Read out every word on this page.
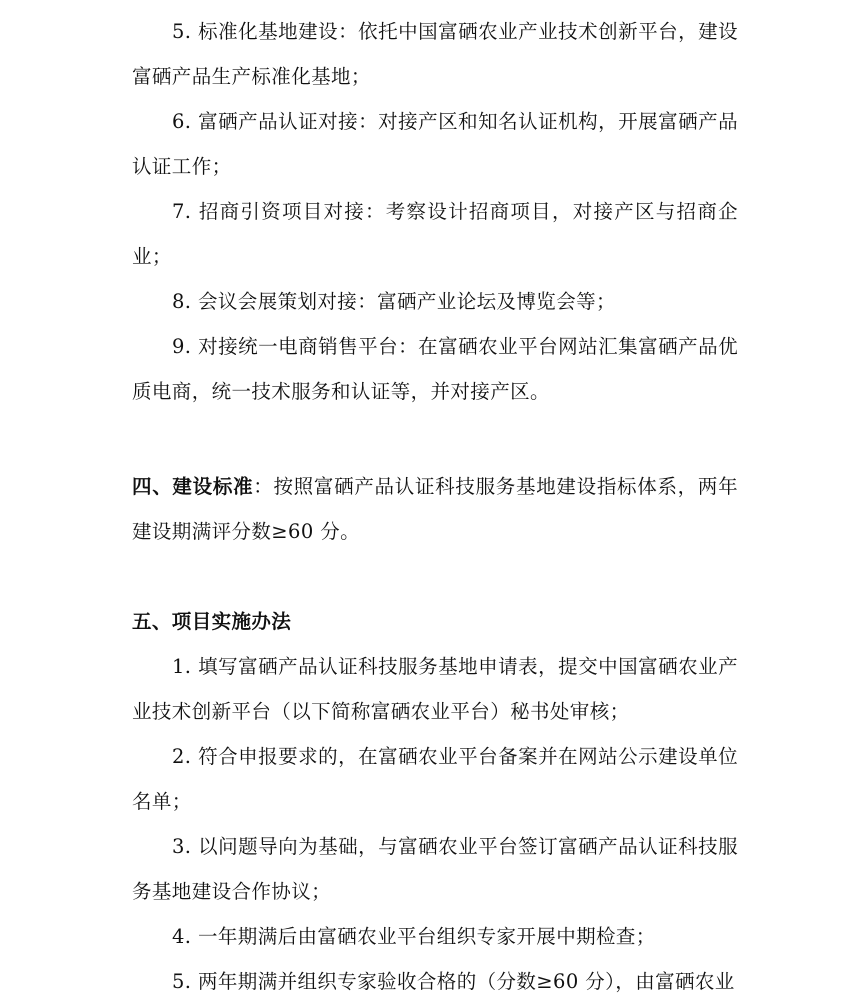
5. 标准化基地建设：依托中国富硒农业产业技术创新平台，建设富硒产品生产标准化基地；

6. 富硒产品认证对接：对接产区和知名认证机构，开展富硒产品认证工作；

7. 招商引资项目对接：考察设计招商项目，对接产区与招商企业；

8. 会议会展策划对接：富硒产业论坛及博览会等；

9. 对接统一电商销售平台：在富硒农业平台网站汇集富硒产品优质电商，统一技术服务和认证等，并对接产区。

四、建设标准：按照富硒产品认证科技服务基地建设指标体系，两年建设期满评分数≥60 分。

五、项目实施办法

1. 填写富硒产品认证科技服务基地申请表，提交中国富硒农业产业技术创新平台（以下简称富硒农业平台）秘书处审核；

2. 符合申报要求的，在富硒农业平台备案并在网站公示建设单位名单；

3. 以问题导向为基础，与富硒农业平台签订富硒产品认证科技服务基地建设合作协议；

4. 一年期满后由富硒农业平台组织专家开展中期检查；

5. 两年期满并组织专家验收合格的（分数≥60 分），由富硒农业
